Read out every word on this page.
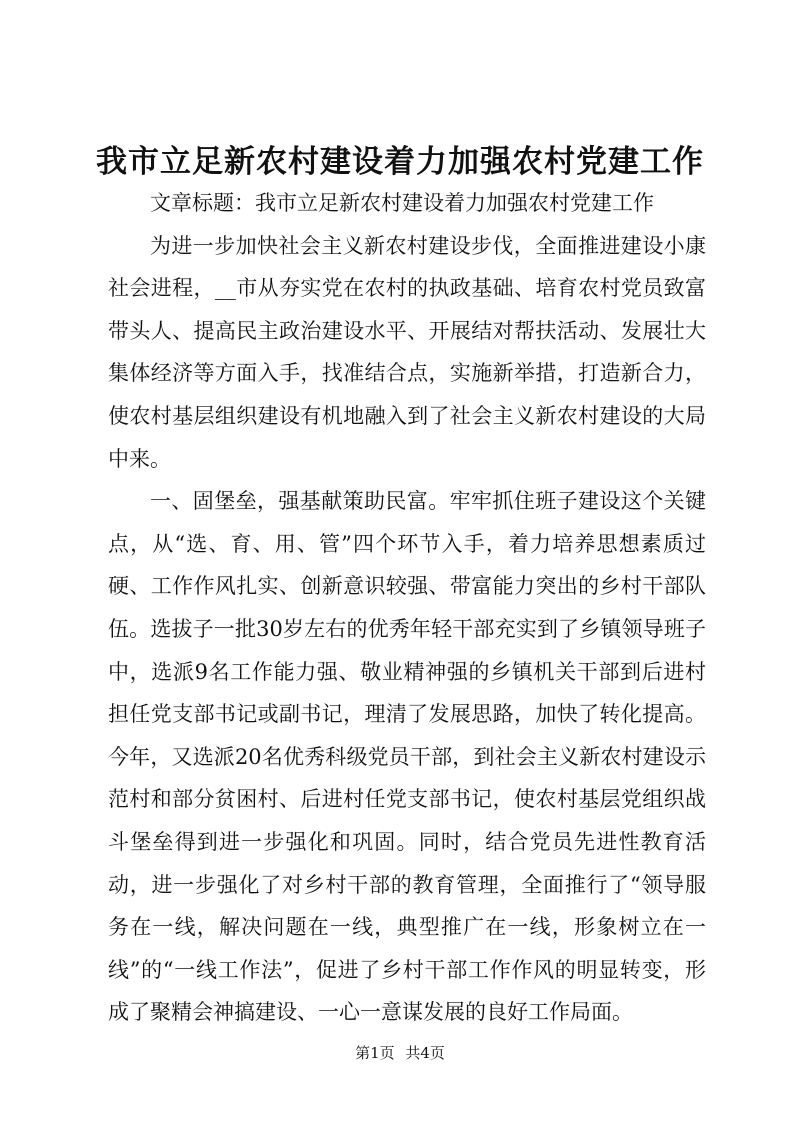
我市立足新农村建设着力加强农村党建工作

文章标题：我市立足新农村建设着力加强农村党建工作

为进一步加快社会主义新农村建设步伐，全面推进建设小康社会进程，__市从夯实党在农村的执政基础、培育农村党员致富带头人、提高民主政治建设水平、开展结对帮扶活动、发展壮大集体经济等方面入手，找准结合点，实施新举措，打造新合力，使农村基层组织建设有机地融入到了社会主义新农村建设的大局中来。

一、固堡垒，强基献策助民富。牢牢抓住班子建设这个关键点，从“选、育、用、管”四个环节入手，着力培养思想素质过硬、工作作风扎实、创新意识较强、带富能力突出的乡村干部队伍。选拔子一批30岁左右的优秀年轻干部充实到了乡镇领导班子中，选派9名工作能力强、敬业精神强的乡镇机关干部到后进村担任党支部书记或副书记，理清了发展思路，加快了转化提高。今年，又选派20名优秀科级党员干部，到社会主义新农村建设示范村和部分贫困村、后进村任党支部书记，使农村基层党组织战斗堡垒得到进一步强化和巩固。同时，结合党员先进性教育活动，进一步强化了对乡村干部的教育管理，全面推行了“领导服务在一线，解决问题在一线，典型推广在一线，形象树立在一线”的“一线工作法”，促进了乡村干部工作作风的明显转变，形成了聚精会神搞建设、一心一意谋发展的良好工作局面。

第1页 共4页
